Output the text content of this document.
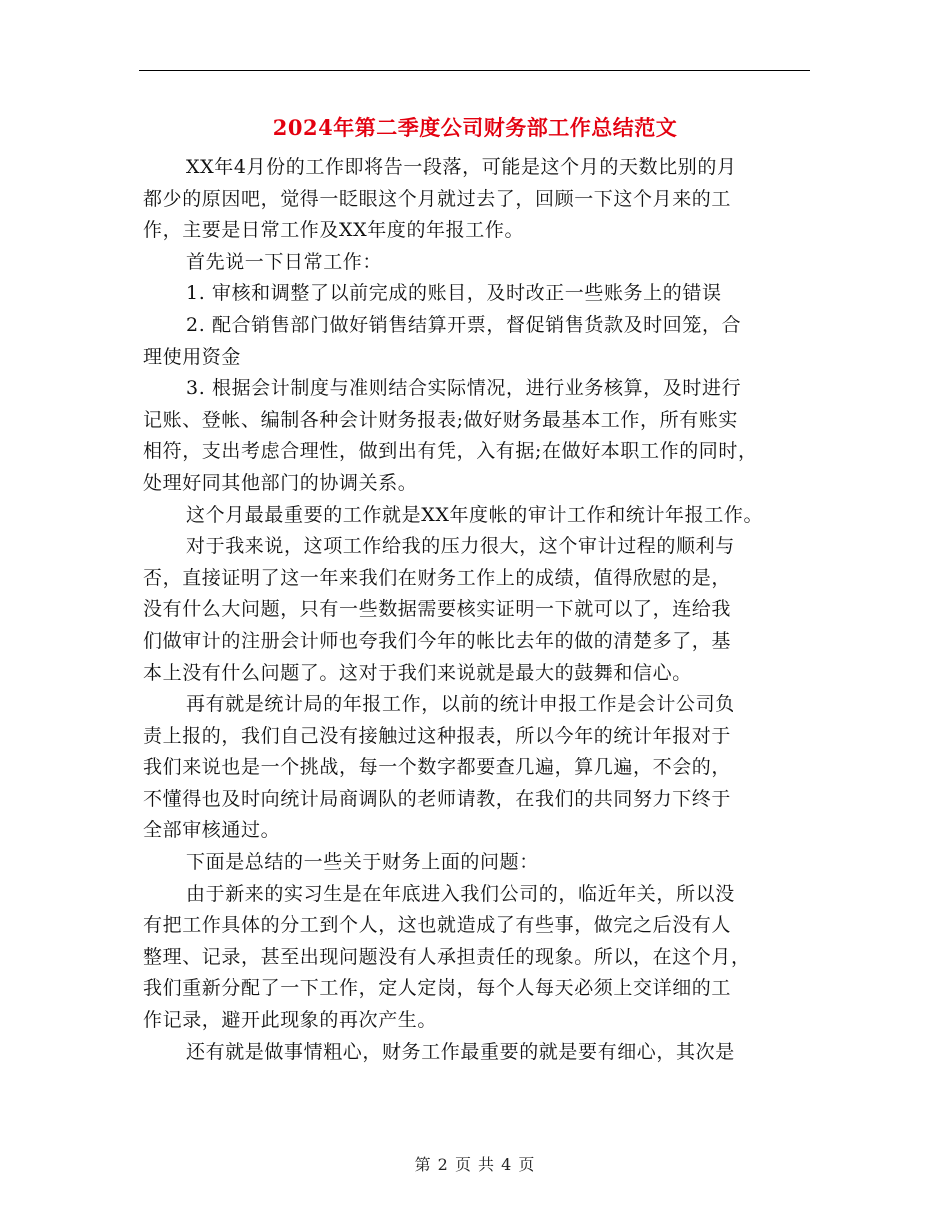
2024年第二季度公司财务部工作总结范文
XX年4月份的工作即将告一段落，可能是这个月的天数比别的月
都少的原因吧，觉得一眨眼这个月就过去了，回顾一下这个月来的工
作，主要是日常工作及XX年度的年报工作。
首先说一下日常工作：
1. 审核和调整了以前完成的账目，及时改正一些账务上的错误
2. 配合销售部门做好销售结算开票，督促销售货款及时回笼，合
理使用资金
3. 根据会计制度与准则结合实际情况，进行业务核算，及时进行
记账、登帐、编制各种会计财务报表;做好财务最基本工作，所有账实
相符，支出考虑合理性，做到出有凭，入有据;在做好本职工作的同时，
处理好同其他部门的协调关系。
这个月最最重要的工作就是XX年度帐的审计工作和统计年报工作。
对于我来说，这项工作给我的压力很大，这个审计过程的顺利与
否，直接证明了这一年来我们在财务工作上的成绩，值得欣慰的是，
没有什么大问题，只有一些数据需要核实证明一下就可以了，连给我
们做审计的注册会计师也夸我们今年的帐比去年的做的清楚多了，基
本上没有什么问题了。这对于我们来说就是最大的鼓舞和信心。
再有就是统计局的年报工作，以前的统计申报工作是会计公司负
责上报的，我们自己没有接触过这种报表，所以今年的统计年报对于
我们来说也是一个挑战，每一个数字都要查几遍，算几遍，不会的，
不懂得也及时向统计局商调队的老师请教，在我们的共同努力下终于
全部审核通过。
下面是总结的一些关于财务上面的问题：
由于新来的实习生是在年底进入我们公司的，临近年关，所以没
有把工作具体的分工到个人，这也就造成了有些事，做完之后没有人
整理、记录，甚至出现问题没有人承担责任的现象。所以，在这个月，
我们重新分配了一下工作，定人定岗，每个人每天必须上交详细的工
作记录，避开此现象的再次产生。
还有就是做事情粗心，财务工作最重要的就是要有细心，其次是
第 2 页 共 4 页
